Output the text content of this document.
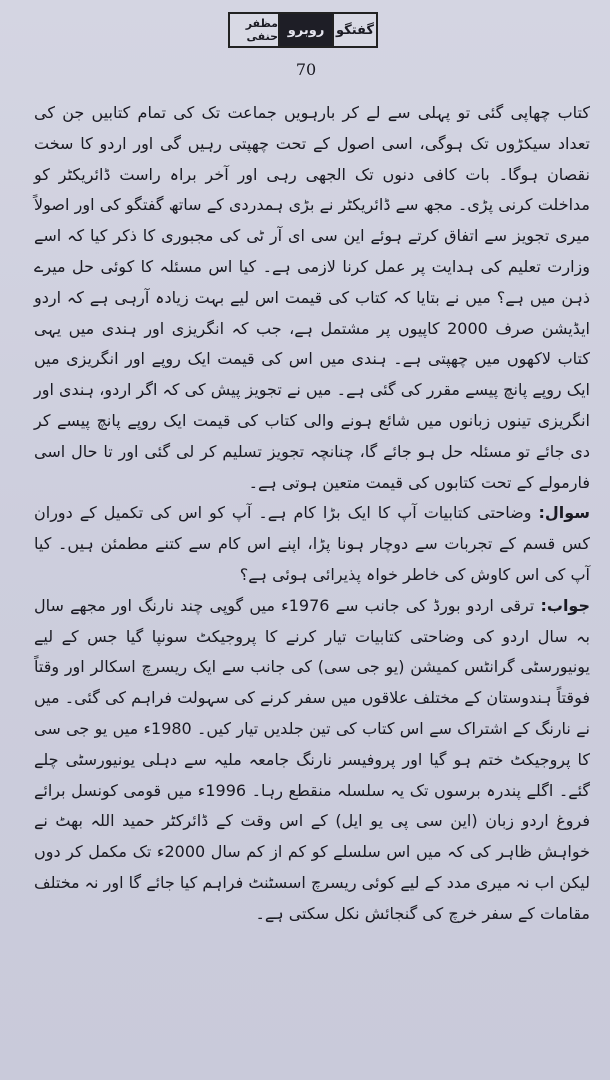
گفتگو
روبرو
مظفر حنفی
70

کتاب چھاپی گئی تو پہلی سے لے کر بارہویں جماعت تک کی تمام کتابیں جن کی تعداد سیکڑوں تک ہوگی، اسی اصول کے تحت چھپتی رہیں گی اور اردو کا سخت نقصان ہوگا۔ بات کافی دنوں تک الجھی رہی اور آخر براہ راست ڈائریکٹر کو مداخلت کرنی پڑی۔ مجھ سے ڈائریکٹر نے بڑی ہمدردی کے ساتھ گفتگو کی اور اصولاً میری تجویز سے اتفاق کرتے ہوئے این سی ای آر ٹی کی مجبوری کا ذکر کیا کہ اسے وزارت تعلیم کی ہدایت پر عمل کرنا لازمی ہے۔ کیا اس مسئلہ کا کوئی حل میرے ذہن میں ہے؟ میں نے بتایا کہ کتاب کی قیمت اس لیے بہت زیادہ آرہی ہے کہ اردو ایڈیشن صرف 2000 کاپیوں پر مشتمل ہے، جب کہ انگریزی اور ہندی میں یہی کتاب لاکھوں میں چھپتی ہے۔ ہندی میں اس کی قیمت ایک روپے اور انگریزی میں ایک روپے پانچ پیسے مقرر کی گئی ہے۔ میں نے تجویز پیش کی کہ اگر اردو، ہندی اور انگریزی تینوں زبانوں میں شائع ہونے والی کتاب کی قیمت ایک روپے پانچ پیسے کر دی جائے تو مسئلہ حل ہو جائے گا، چنانچہ تجویز تسلیم کر لی گئی اور تا حال اسی فارمولے کے تحت کتابوں کی قیمت متعین ہوتی ہے۔

سوال: وضاحتی کتابیات آپ کا ایک بڑا کام ہے۔ آپ کو اس کی تکمیل کے دوران کس قسم کے تجربات سے دوچار ہونا پڑا، اپنے اس کام سے کتنے مطمئن ہیں۔ کیا آپ کی اس کاوش کی خاطر خواہ پذیرائی ہوئی ہے؟

جواب: ترقی اردو بورڈ کی جانب سے 1976ء میں گوپی چند نارنگ اور مجھے سال بہ سال اردو کی وضاحتی کتابیات تیار کرنے کا پروجیکٹ سونپا گیا جس کے لیے یونیورسٹی گرانٹس کمیشن (یو جی سی) کی جانب سے ایک ریسرچ اسکالر اور وقتاً فوقتاً ہندوستان کے مختلف علاقوں میں سفر کرنے کی سہولت فراہم کی گئی۔ میں نے نارنگ کے اشتراک سے اس کتاب کی تین جلدیں تیار کیں۔ 1980ء میں یو جی سی کا پروجیکٹ ختم ہو گیا اور پروفیسر نارنگ جامعہ ملیہ سے دہلی یونیورسٹی چلے گئے۔ اگلے پندرہ برسوں تک یہ سلسلہ منقطع رہا۔ 1996ء میں قومی کونسل برائے فروغ اردو زبان (این سی پی یو ایل) کے اس وقت کے ڈائرکٹر حمید اللہ بھٹ نے خواہش ظاہر کی کہ میں اس سلسلے کو کم از کم سال 2000ء تک مکمل کر دوں لیکن اب نہ میری مدد کے لیے کوئی ریسرچ اسسٹنٹ فراہم کیا جائے گا اور نہ مختلف مقامات کے سفر خرچ کی گنجائش نکل سکتی ہے۔
